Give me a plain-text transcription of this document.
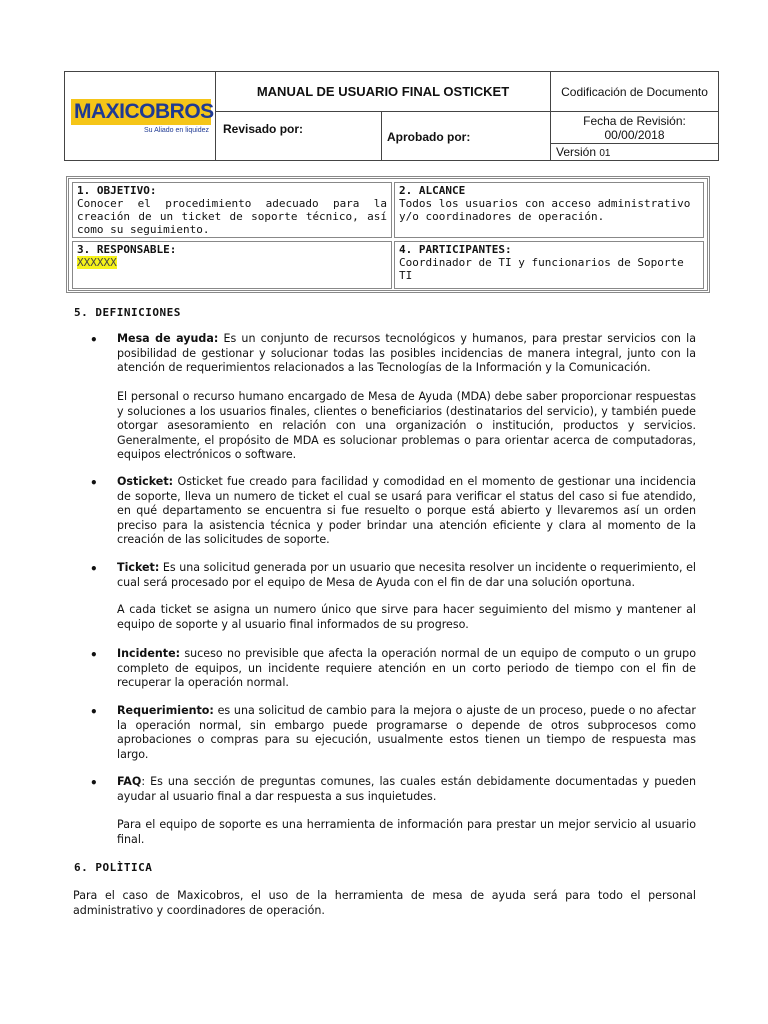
MAXICOBROS
Su Aliado en liquidez
MANUAL DE USUARIO FINAL OSTICKET	Codificación de Documento
Revisado por:
Aprobado por:
Fecha de Revisión:
00/00/2018
Versión 01
1. OBJETIVO:
Conocer el procedimiento adecuado para la creación de un ticket de soporte técnico, así como su seguimiento.
2. ALCANCE
Todos los usuarios con acceso administrativo y/o coordinadores de operación.
3. RESPONSABLE:
XXXXXX
4. PARTICIPANTES:
Coordinador de TI y funcionarios de Soporte TI
5. DEFINICIONES
• Mesa de ayuda: Es un conjunto de recursos tecnológicos y humanos, para prestar servicios con la posibilidad de gestionar y solucionar todas las posibles incidencias de manera integral, junto con la atención de requerimientos relacionados a las Tecnologías de la Información y la Comunicación.
El personal o recurso humano encargado de Mesa de Ayuda (MDA) debe saber proporcionar respuestas y soluciones a los usuarios finales, clientes o beneficiarios (destinatarios del servicio), y también puede otorgar asesoramiento en relación con una organización o institución, productos y servicios. Generalmente, el propósito de MDA es solucionar problemas o para orientar acerca de computadoras, equipos electrónicos o software.
• Osticket: Osticket fue creado para facilidad y comodidad en el momento de gestionar una incidencia de soporte, lleva un numero de ticket el cual se usará para verificar el status del caso si fue atendido, en qué departamento se encuentra si fue resuelto o porque está abierto y llevaremos así un orden preciso para la asistencia técnica y poder brindar una atención eficiente y clara al momento de la creación de las solicitudes de soporte.
• Ticket: Es una solicitud generada por un usuario que necesita resolver un incidente o requerimiento, el cual será procesado por el equipo de Mesa de Ayuda con el fin de dar una solución oportuna.
A cada ticket se asigna un numero único que sirve para hacer seguimiento del mismo y mantener al equipo de soporte y al usuario final informados de su progreso.
• Incidente: suceso no previsible que afecta la operación normal de un equipo de computo o un grupo completo de equipos, un incidente requiere atención en un corto periodo de tiempo con el fin de recuperar la operación normal.
• Requerimiento: es una solicitud de cambio para la mejora o ajuste de un proceso, puede o no afectar la operación normal, sin embargo puede programarse o depende de otros subprocesos como aprobaciones o compras para su ejecución, usualmente estos tienen un tiempo de respuesta mas largo.
• FAQ: Es una sección de preguntas comunes, las cuales están debidamente documentadas y pueden ayudar al usuario final a dar respuesta a sus inquietudes.
Para el equipo de soporte es una herramienta de información para prestar un mejor servicio al usuario final.
6. POLÌTICA
Para el caso de Maxicobros, el uso de la herramienta de mesa de ayuda será para todo el personal administrativo y coordinadores de operación.
